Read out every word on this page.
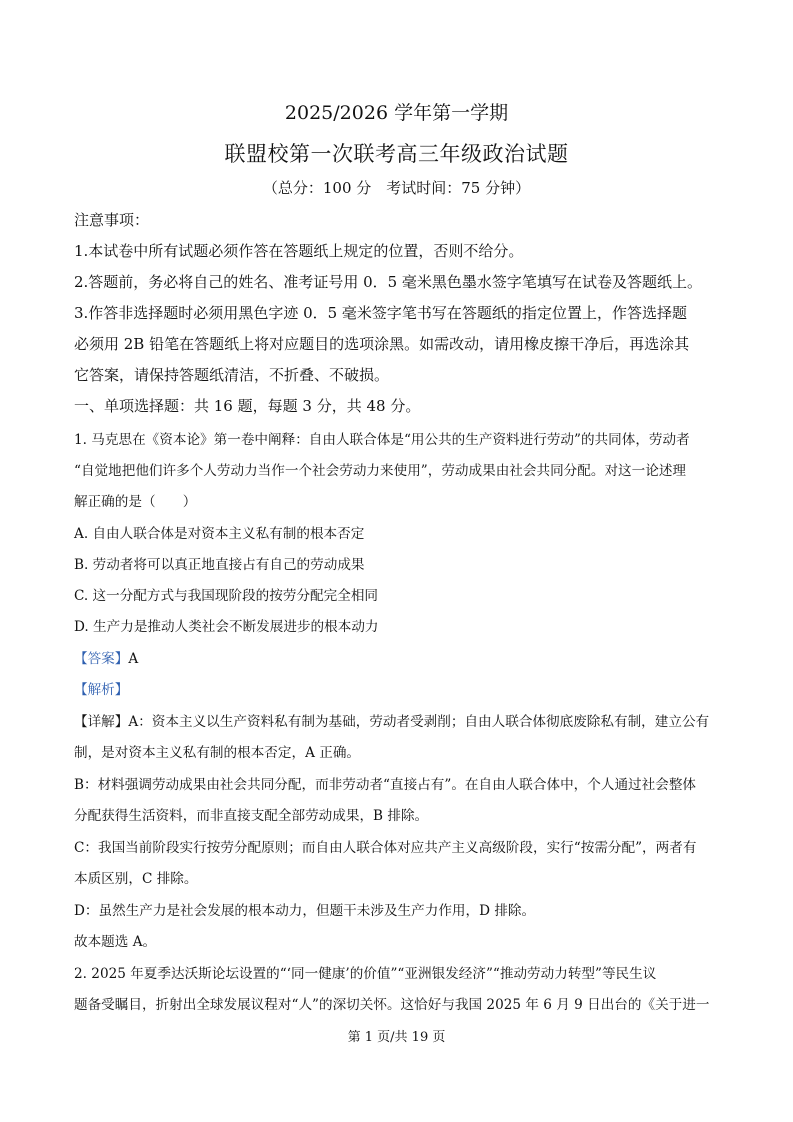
2025/2026 学年第一学期
联盟校第一次联考高三年级政治试题
（总分：100 分　考试时间：75 分钟）
注意事项：
1.本试卷中所有试题必须作答在答题纸上规定的位置，否则不给分。
2.答题前，务必将自己的姓名、准考证号用 0．5 毫米黑色墨水签字笔填写在试卷及答题纸上。
3.作答非选择题时必须用黑色字迹 0．5 毫米签字笔书写在答题纸的指定位置上，作答选择题
必须用 2B 铅笔在答题纸上将对应题目的选项涂黑。如需改动，请用橡皮擦干净后，再选涂其
它答案，请保持答题纸清洁，不折叠、不破损。
一、单项选择题：共 16 题，每题 3 分，共 48 分。
1. 马克思在《资本论》第一卷中阐释：自由人联合体是“用公共的生产资料进行劳动”的共同体，劳动者
“自觉地把他们许多个人劳动力当作一个社会劳动力来使用”，劳动成果由社会共同分配。对这一论述理
解正确的是（　　）
A. 自由人联合体是对资本主义私有制的根本否定
B. 劳动者将可以真正地直接占有自己的劳动成果
C. 这一分配方式与我国现阶段的按劳分配完全相同
D. 生产力是推动人类社会不断发展进步的根本动力
【答案】A
【解析】
【详解】A：资本主义以生产资料私有制为基础，劳动者受剥削；自由人联合体彻底废除私有制，建立公有
制，是对资本主义私有制的根本否定，A 正确。
B：材料强调劳动成果由社会共同分配，而非劳动者“直接占有”。在自由人联合体中，个人通过社会整体
分配获得生活资料，而非直接支配全部劳动成果，B 排除。
C：我国当前阶段实行按劳分配原则；而自由人联合体对应共产主义高级阶段，实行“按需分配”，两者有
本质区别，C 排除。
D：虽然生产力是社会发展的根本动力，但题干未涉及生产力作用，D 排除。
故本题选 A。
2. 2025 年夏季达沃斯论坛设置的“‘同一健康’的价值”“亚洲银发经济”“推动劳动力转型”等民生议
题备受瞩目，折射出全球发展议程对“人”的深切关怀。这恰好与我国 2025 年 6 月 9 日出台的《关于进一
第 1 页/共 19 页
